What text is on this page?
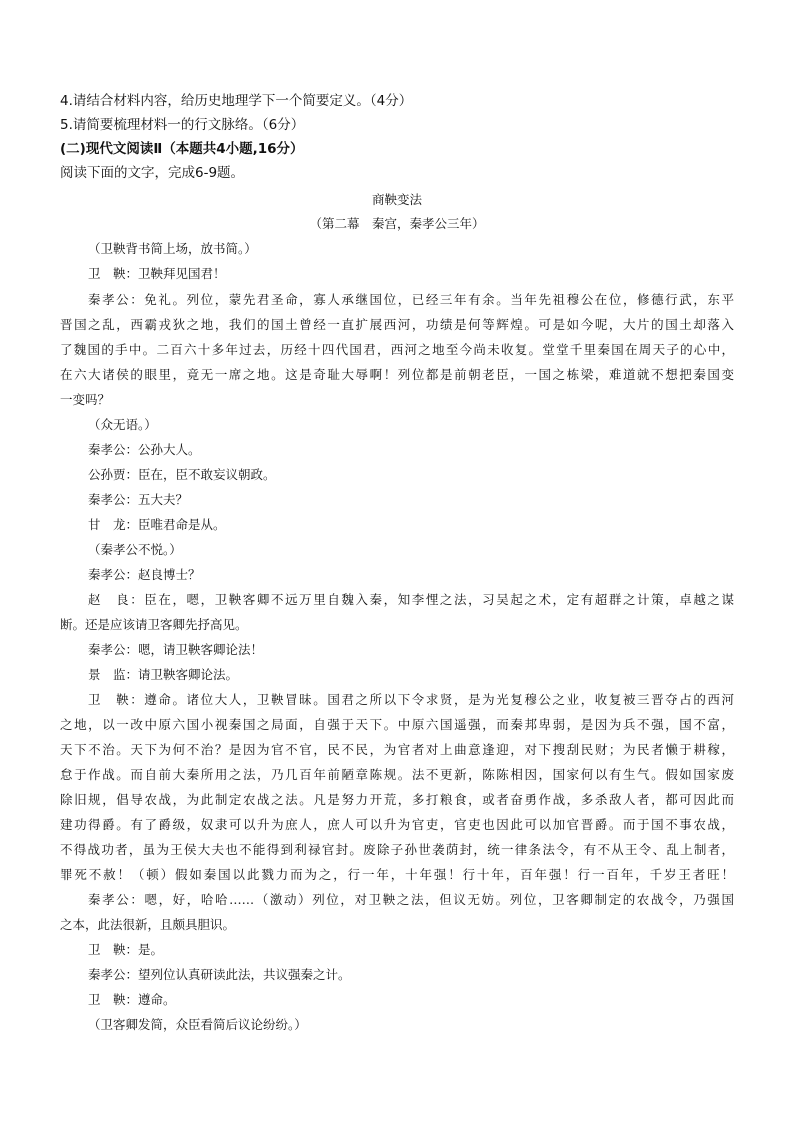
4.请结合材料内容，给历史地理学下一个简要定义。（4分）
5.请简要梳理材料一的行文脉络。（6分）
(二)现代文阅读Ⅱ（本题共4小题,16分）
阅读下面的文字，完成6-9题。
商鞅变法
（第二幕　秦宫，秦孝公三年）
（卫鞅背书简上场，放书简。）
卫　鞅：卫鞅拜见国君！
秦孝公：免礼。列位，蒙先君圣命，寡人承继国位，已经三年有余。当年先祖穆公在位，修德行武，东平
晋国之乱，西霸戎狄之地，我们的国土曾经一直扩展西河，功绩是何等辉煌。可是如今呢，大片的国土却落入
了魏国的手中。二百六十多年过去，历经十四代国君，西河之地至今尚未收复。堂堂千里秦国在周天子的心中，
在六大诸侯的眼里，竟无一席之地。这是奇耻大辱啊！列位都是前朝老臣，一国之栋梁，难道就不想把秦国变
一变吗？
（众无语。）
秦孝公：公孙大人。
公孙贾：臣在，臣不敢妄议朝政。
秦孝公：五大夫？
甘　龙：臣唯君命是从。
（秦孝公不悦。）
秦孝公：赵良博士？
赵　良：臣在，嗯，卫鞅客卿不远万里自魏入秦，知李悝之法，习吴起之术，定有超群之计策，卓越之谋
断。还是应该请卫客卿先抒高见。
秦孝公：嗯，请卫鞅客卿论法！
景　监：请卫鞅客卿论法。
卫　鞅：遵命。诸位大人，卫鞅冒昧。国君之所以下令求贤，是为光复穆公之业，收复被三晋夺占的西河
之地，以一改中原六国小视秦国之局面，自强于天下。中原六国遥强，而秦邦卑弱，是因为兵不强，国不富，
天下不治。天下为何不治？是因为官不官，民不民，为官者对上曲意逢迎，对下搜刮民财；为民者懒于耕稼，
怠于作战。而自前大秦所用之法，乃几百年前陋章陈规。法不更新，陈陈相因，国家何以有生气。假如国家废
除旧规，倡导农战，为此制定农战之法。凡是努力开荒，多打粮食，或者奋勇作战，多杀敌人者，都可因此而
建功得爵。有了爵级，奴隶可以升为庶人，庶人可以升为官吏，官吏也因此可以加官晋爵。而于国不事农战，
不得战功者，虽为王侯大夫也不能得到利禄官封。废除子孙世袭荫封，统一律条法令，有不从王令、乱上制者，
罪死不赦！（顿）假如秦国以此戮力而为之，行一年，十年强！行十年，百年强！行一百年，千岁王者旺！
秦孝公：嗯，好，哈哈……（激动）列位，对卫鞅之法，但议无妨。列位，卫客卿制定的农战令，乃强国
之本，此法很新，且颇具胆识。
卫　鞅：是。
秦孝公：望列位认真研读此法，共议强秦之计。
卫　鞅：遵命。
（卫客卿发简，众臣看简后议论纷纷。）
